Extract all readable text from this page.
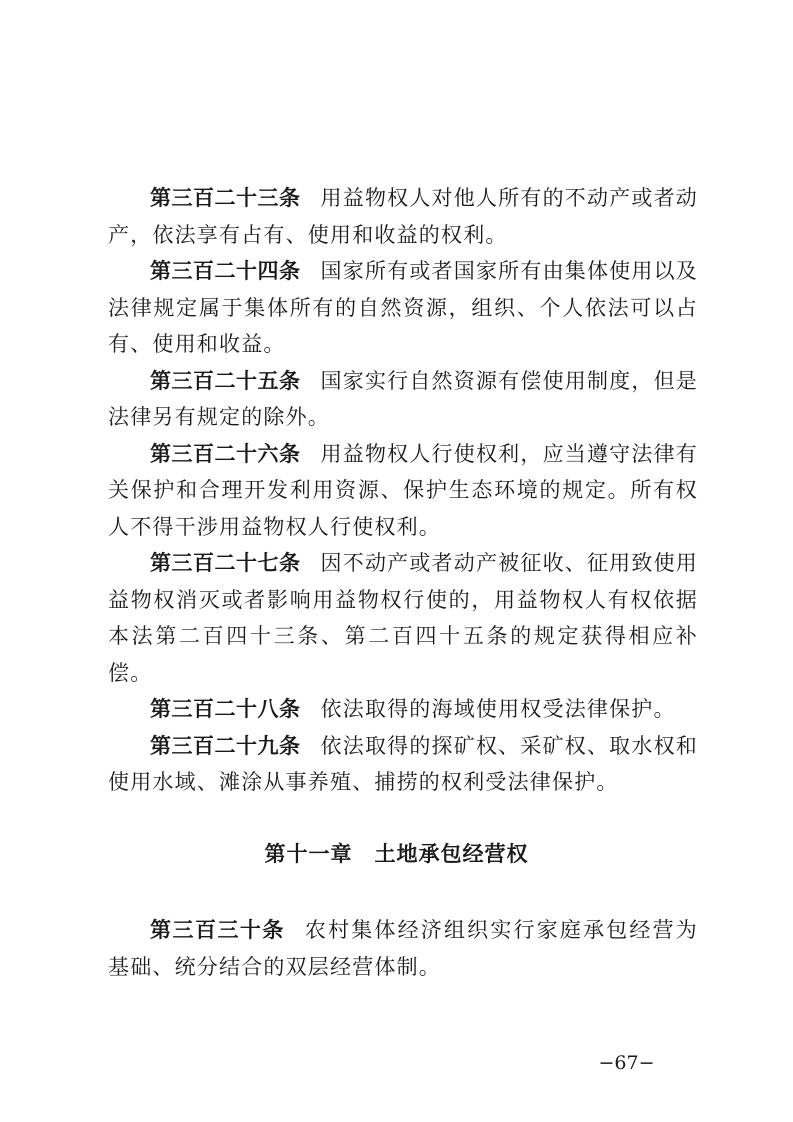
第三百二十三条 用益物权人对他人所有的不动产或者动产，依法享有占有、使用和收益的权利。

第三百二十四条 国家所有或者国家所有由集体使用以及法律规定属于集体所有的自然资源，组织、个人依法可以占有、使用和收益。

第三百二十五条 国家实行自然资源有偿使用制度，但是法律另有规定的除外。

第三百二十六条 用益物权人行使权利，应当遵守法律有关保护和合理开发利用资源、保护生态环境的规定。所有权人不得干涉用益物权人行使权利。

第三百二十七条 因不动产或者动产被征收、征用致使用益物权消灭或者影响用益物权行使的，用益物权人有权依据本法第二百四十三条、第二百四十五条的规定获得相应补偿。

第三百二十八条 依法取得的海域使用权受法律保护。

第三百二十九条 依法取得的探矿权、采矿权、取水权和使用水域、滩涂从事养殖、捕捞的权利受法律保护。

第十一章 土地承包经营权

第三百三十条 农村集体经济组织实行家庭承包经营为基础、统分结合的双层经营体制。

−67−
